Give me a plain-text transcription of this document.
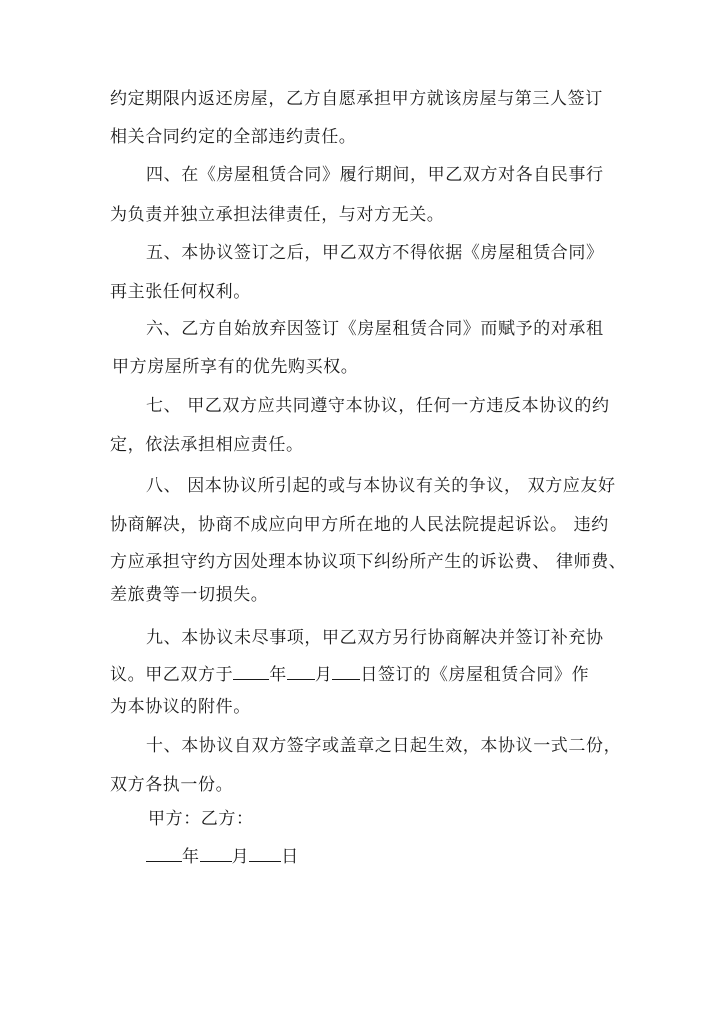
约定期限内返还房屋，乙方自愿承担甲方就该房屋与第三人签订
相关合同约定的全部违约责任。
四、在《房屋租赁合同》履行期间，甲乙双方对各自民事行
为负责并独立承担法律责任，与对方无关。
五、本协议签订之后，甲乙双方不得依据《房屋租赁合同》
再主张任何权利。
六、乙方自始放弃因签订《房屋租赁合同》而赋予的对承租
甲方房屋所享有的优先购买权。
七、 甲乙双方应共同遵守本协议，任何一方违反本协议的约
定，依法承担相应责任。
八、 因本协议所引起的或与本协议有关的争议， 双方应友好
协商解决，协商不成应向甲方所在地的人民法院提起诉讼。 违约
方应承担守约方因处理本协议项下纠纷所产生的诉讼费、 律师费、
差旅费等一切损失。
九、本协议未尽事项，甲乙双方另行协商解决并签订补充协
议。甲乙双方于 年 月 日签订的《房屋租赁合同》作
为本协议的附件。
十、本协议自双方签字或盖章之日起生效，本协议一式二份，
双方各执一份。
甲方：乙方：
年 月 日
